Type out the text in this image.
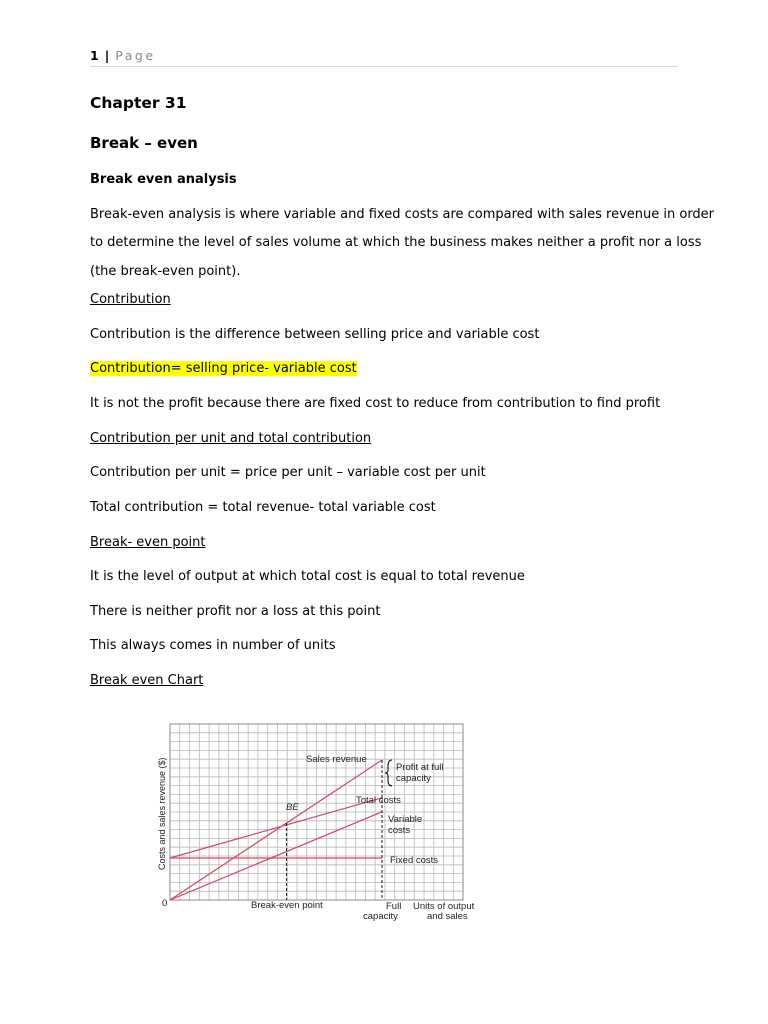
1 | Page
Chapter 31
Break – even
Break even analysis
Break-even analysis is where variable and fixed costs are compared with sales revenue in order
to determine the level of sales volume at which the business makes neither a profit nor a loss
(the break-even point).
Contribution
Contribution is the difference between selling price and variable cost
Contribution= selling price- variable cost
It is not the profit because there are fixed cost to reduce from contribution to find profit
Contribution per unit and total contribution
Contribution per unit = price per unit – variable cost per unit
Total contribution = total revenue- total variable cost
Break- even point
It is the level of output at which total cost is equal to total revenue
There is neither profit nor a loss at this point
This always comes in number of units
Break even Chart
0
Costs and sales revenue ($)	BE
Break-even point	Full
capacity
Units of output
and sales
Sales revenue
Total costs
Variable
costs
Fixed costs
Profit at full
capacity
